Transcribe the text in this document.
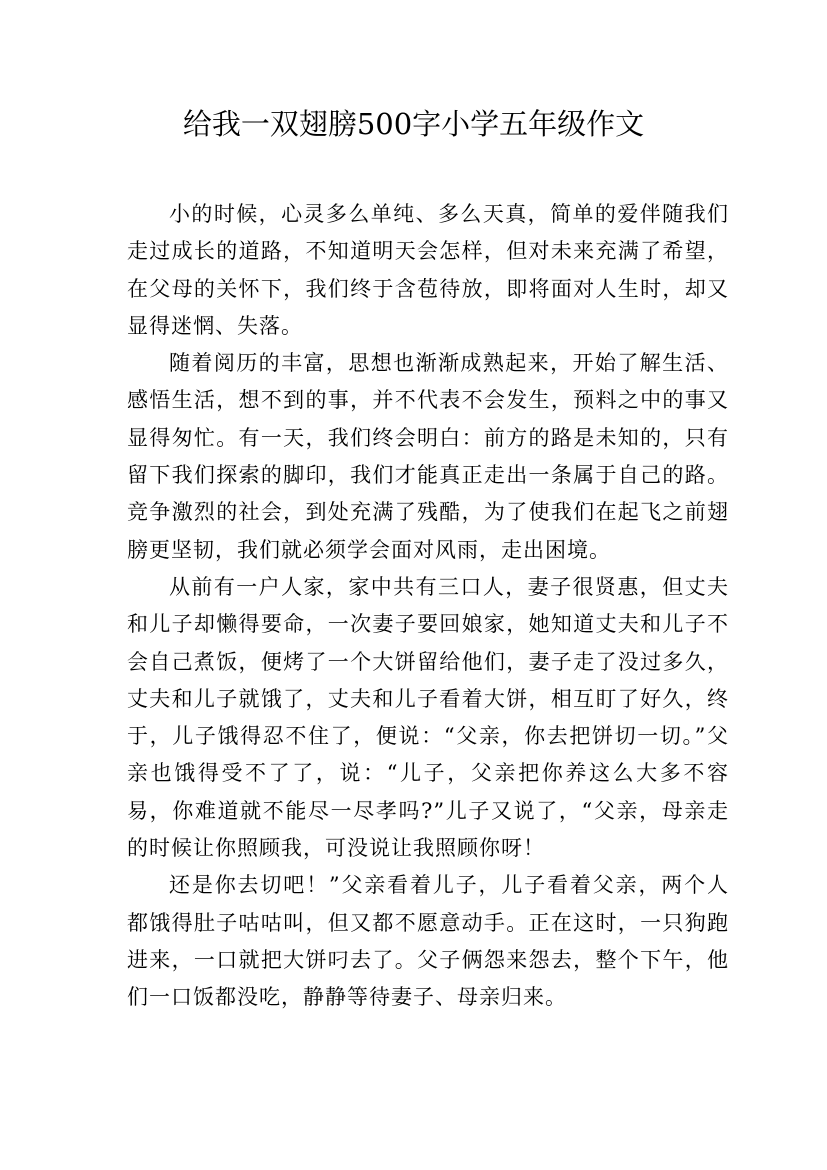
给我一双翅膀500字小学五年级作文

小的时候，心灵多么单纯、多么天真，简单的爱伴随我们走过成长的道路，不知道明天会怎样，但对未来充满了希望，在父母的关怀下，我们终于含苞待放，即将面对人生时，却又显得迷惘、失落。

随着阅历的丰富，思想也渐渐成熟起来，开始了解生活、感悟生活，想不到的事，并不代表不会发生，预料之中的事又显得匆忙。有一天，我们终会明白：前方的路是未知的，只有留下我们探索的脚印，我们才能真正走出一条属于自己的路。竞争激烈的社会，到处充满了残酷，为了使我们在起飞之前翅膀更坚韧，我们就必须学会面对风雨，走出困境。

从前有一户人家，家中共有三口人，妻子很贤惠，但丈夫和儿子却懒得要命，一次妻子要回娘家，她知道丈夫和儿子不会自己煮饭，便烤了一个大饼留给他们，妻子走了没过多久，丈夫和儿子就饿了，丈夫和儿子看着大饼，相互盯了好久，终于，儿子饿得忍不住了，便说：“父亲，你去把饼切一切。”父亲也饿得受不了了，说：“儿子，父亲把你养这么大多不容易，你难道就不能尽一尽孝吗?”儿子又说了，“父亲，母亲走的时候让你照顾我，可没说让我照顾你呀！

还是你去切吧！”父亲看着儿子，儿子看着父亲，两个人都饿得肚子咕咕叫，但又都不愿意动手。正在这时，一只狗跑进来，一口就把大饼叼去了。父子俩怨来怨去，整个下午，他们一口饭都没吃，静静等待妻子、母亲归来。
